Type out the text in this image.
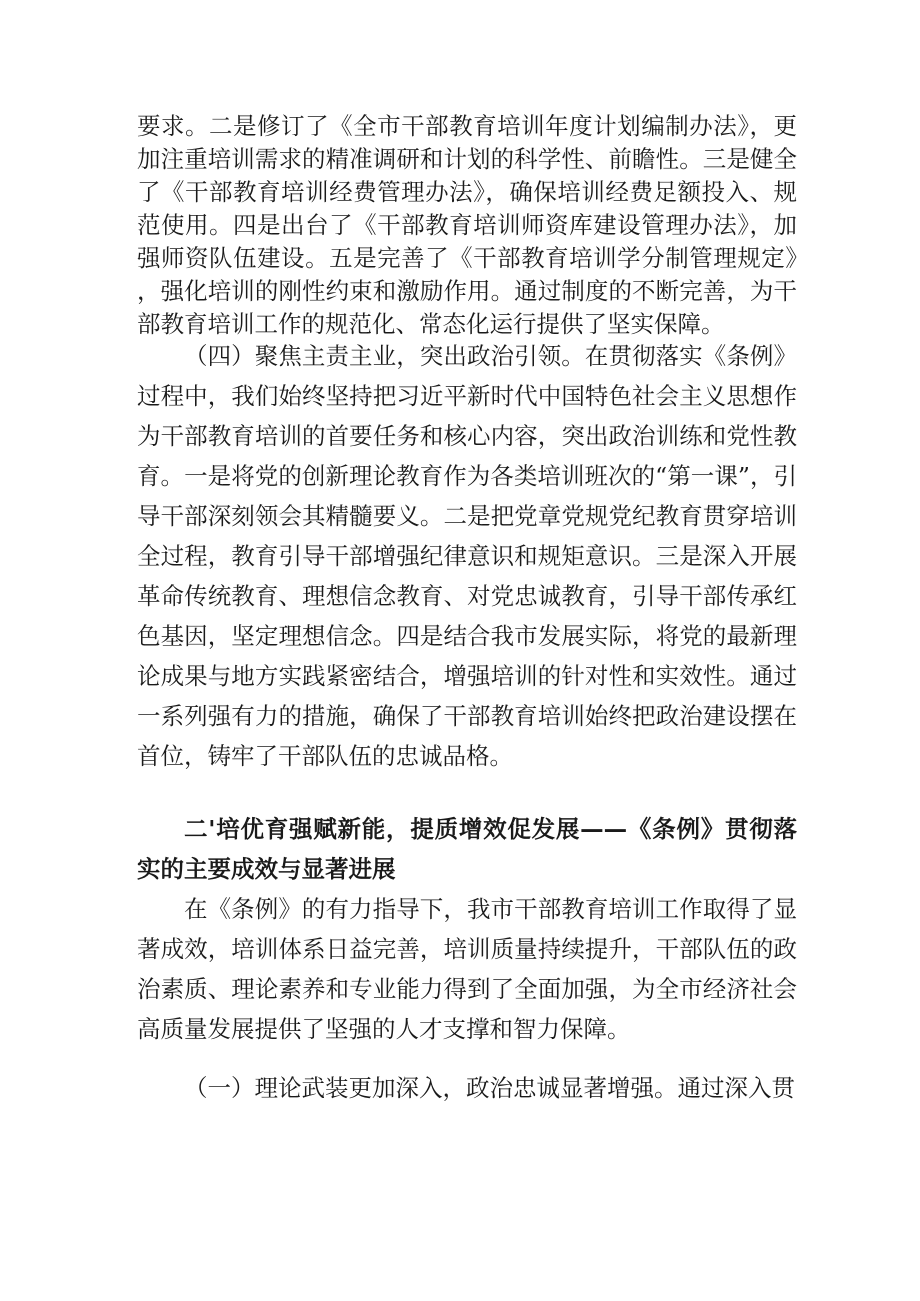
要求。二是修订了《全市干部教育培训年度计划编制办法》，更加注重培训需求的精准调研和计划的科学性、前瞻性。三是健全了《干部教育培训经费管理办法》，确保培训经费足额投入、规范使用。四是出台了《干部教育培训师资库建设管理办法》，加强师资队伍建设。五是完善了《干部教育培训学分制管理规定》，强化培训的刚性约束和激励作用。通过制度的不断完善，为干部教育培训工作的规范化、常态化运行提供了坚实保障。

（四）聚焦主责主业，突出政治引领。在贯彻落实《条例》过程中，我们始终坚持把习近平新时代中国特色社会主义思想作为干部教育培训的首要任务和核心内容，突出政治训练和党性教育。一是将党的创新理论教育作为各类培训班次的“第一课”，引导干部深刻领会其精髓要义。二是把党章党规党纪教育贯穿培训全过程，教育引导干部增强纪律意识和规矩意识。三是深入开展革命传统教育、理想信念教育、对党忠诚教育，引导干部传承红色基因，坚定理想信念。四是结合我市发展实际，将党的最新理论成果与地方实践紧密结合，增强培训的针对性和实效性。通过一系列强有力的措施，确保了干部教育培训始终把政治建设摆在首位，铸牢了干部队伍的忠诚品格。

二'培优育强赋新能，提质增效促发展——《条例》贯彻落实的主要成效与显著进展

在《条例》的有力指导下，我市干部教育培训工作取得了显著成效，培训体系日益完善，培训质量持续提升，干部队伍的政治素质、理论素养和专业能力得到了全面加强，为全市经济社会高质量发展提供了坚强的人才支撑和智力保障。

（一）理论武装更加深入，政治忠诚显著增强。通过深入贯
